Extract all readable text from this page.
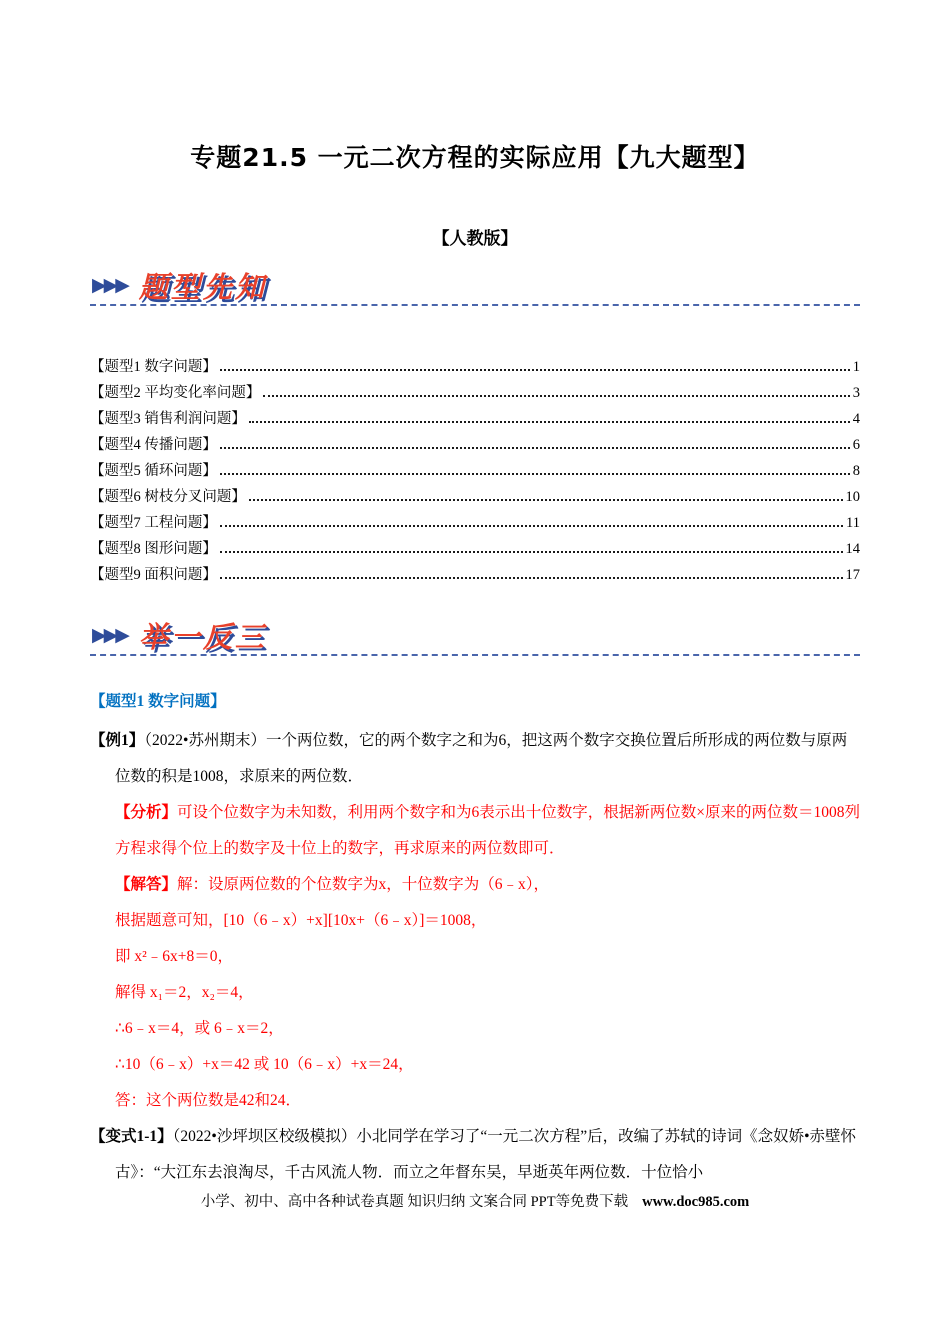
专题21.5 一元二次方程的实际应用【九大题型】
【人教版】
▶▶▶ 题型先知
【题型1 数字问题】	1
【题型2 平均变化率问题】	3
【题型3 销售利润问题】	4
【题型4 传播问题】	6
【题型5 循环问题】	8
【题型6 树枝分叉问题】	10
【题型7 工程问题】	11
【题型8 图形问题】	14
【题型9 面积问题】	17
▶▶▶ 举一反三
【题型1 数字问题】

【例1】（2022•苏州期末）一个两位数，它的两个数字之和为6，把这两个数字交换位置后所形成的两位数与原两位数的积是1008，求原来的两位数．

【分析】可设个位数字为未知数，利用两个数字和为6表示出十位数字，根据新两位数×原来的两位数＝1008列方程求得个位上的数字及十位上的数字，再求原来的两位数即可．

【解答】解：设原两位数的个位数字为x，十位数字为（6﹣x），

根据题意可知，[10（6﹣x）+x][10x+（6﹣x）]＝1008，

即 x²﹣6x+8＝0，

解得 x₁＝2，x₂＝4，

∴6﹣x＝4，或 6﹣x＝2，

∴10（6﹣x）+x＝42 或 10（6﹣x）+x＝24，

答：这个两位数是42和24．

【变式1-1】（2022•沙坪坝区校级模拟）小北同学在学习了“一元二次方程”后，改编了苏轼的诗词《念奴娇•赤壁怀古》：“大江东去浪淘尽，千古风流人物．而立之年督东吴，早逝英年两位数．十位恰小

小学、初中、高中各种试卷真题 知识归纳 文案合同 PPT等免费下载 www.doc985.com
